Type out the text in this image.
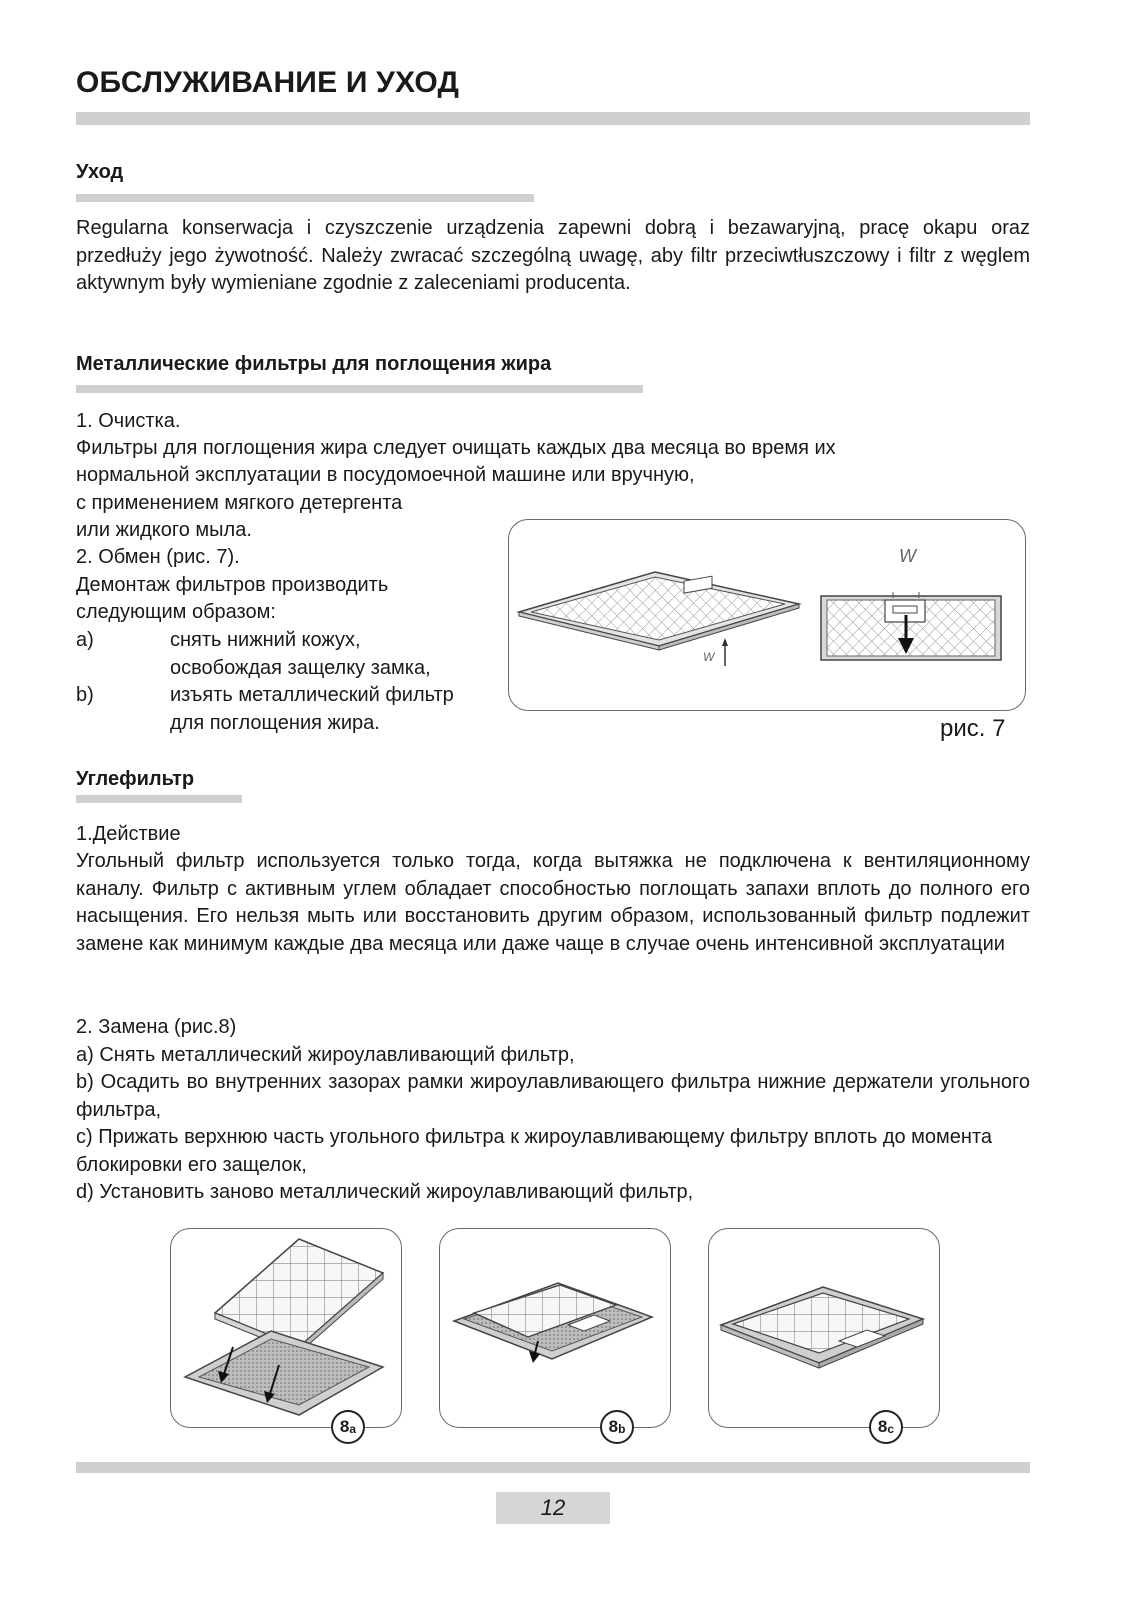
ОБСЛУЖИВАНИЕ И УХОД
Уход

Regularna konserwacja i czyszczenie urządzenia zapewni dobrą i bezawaryjną, pracę okapu oraz przedłuży jego żywotność. Należy zwracać szczególną uwagę, aby filtr przeciwtłuszczowy i filtr z węglem aktywnym były wymieniane zgodnie z zaleceniami producenta.

Металлические фильтры для поглощения жира
1. Очистка.
Фильтры для поглощения жира следует очищать каждых два месяца во время их
нормальной эксплуатации в посудомоечной машине или вручную,
с применением мягкого детергента
или жидкого мыла.
2. Обмен (рис. 7).
Демонтаж фильтров производить
следующим образом:
a)	снять нижний кожух,
освобождая защелку замка,
b)	изъять металлический фильтр
для поглощения жира.
W
W
рис. 7
Углефильтр
1.Действие

Угольный фильтр используется только тогда, когда вытяжка не подключена к вентиляционному каналу. Фильтр с активным углем обладает способностью поглощать запахи вплоть до полного его насыщения. Его нельзя мыть или восстановить другим образом, использованный фильтр подлежит замене как минимум каждые два месяца или даже чаще в случае очень интенсивной эксплуатации

2. Замена (рис.8)
a) Снять металлический жироулавливающий фильтр,

b) Осадить во внутренних зазорах рамки жироулавливающего фильтра нижние держатели угольного фильтра,

c) Прижать верхнюю часть угольного фильтра к жироулавливающему фильтру вплоть до момента блокировки его защелок,

d) Установить заново металлический жироулавливающий фильтр,
8 a	8 b	8 c
12
